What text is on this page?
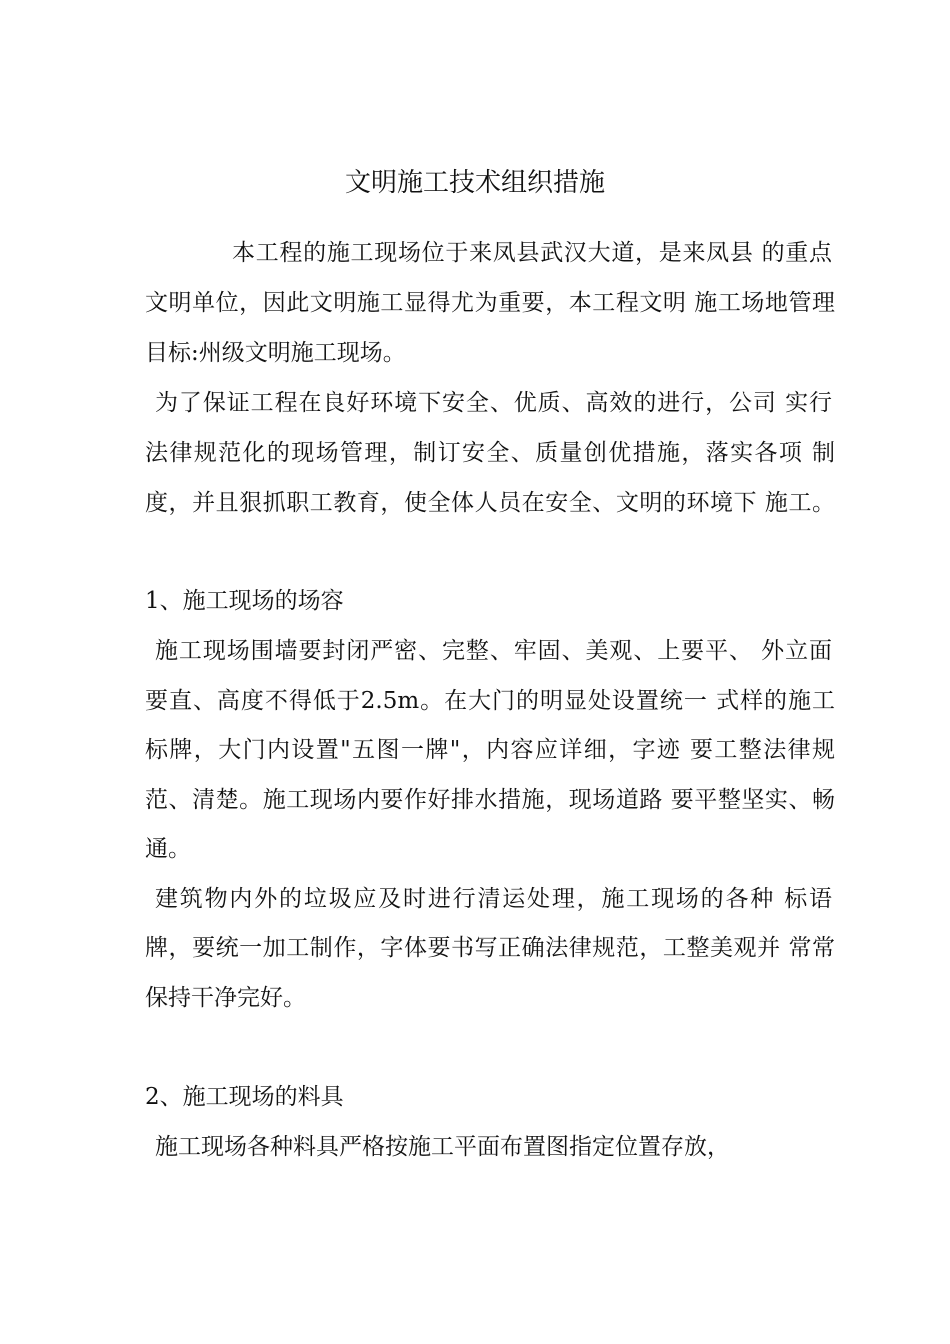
文明施工技术组织措施
本工程的施工现场位于来凤县武汉大道，是来凤县 的重点
文明单位，因此文明施工显得尤为重要，本工程文明 施工场地管理
目标:州级文明施工现场。
为了保证工程在良好环境下安全、优质、高效的进行，公司 实行
法律规范化的现场管理，制订安全、质量创优措施，落实各项 制
度，并且狠抓职工教育，使全体人员在安全、文明的环境下 施工。
1、施工现场的场容
施工现场围墙要封闭严密、完整、牢固、美观、上要平、 外立面
要直、高度不得低于2.5m。在大门的明显处设置统一 式样的施工
标牌，大门内设置"五图一牌"，内容应详细，字迹 要工整法律规
范、清楚。施工现场内要作好排水措施，现场道路 要平整坚实、畅
通。
建筑物内外的垃圾应及时进行清运处理，施工现场的各种 标语
牌，要统一加工制作，字体要书写正确法律规范，工整美观并 常常
保持干净完好。
2、施工现场的料具
施工现场各种料具严格按施工平面布置图指定位置存放，
